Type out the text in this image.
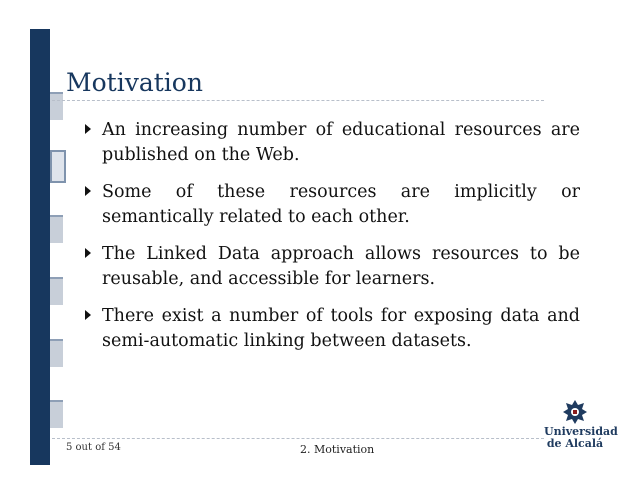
Motivation
An increasing number of educational resources are published on the Web.
Some of these resources are implicitly or semantically related to each other.
The Linked Data approach allows resources to be reusable, and accessible for learners.
There exist a number of tools for exposing data and semi-automatic linking between datasets.
5 out of 54	2. Motivation
Universidad
de Alcalá
